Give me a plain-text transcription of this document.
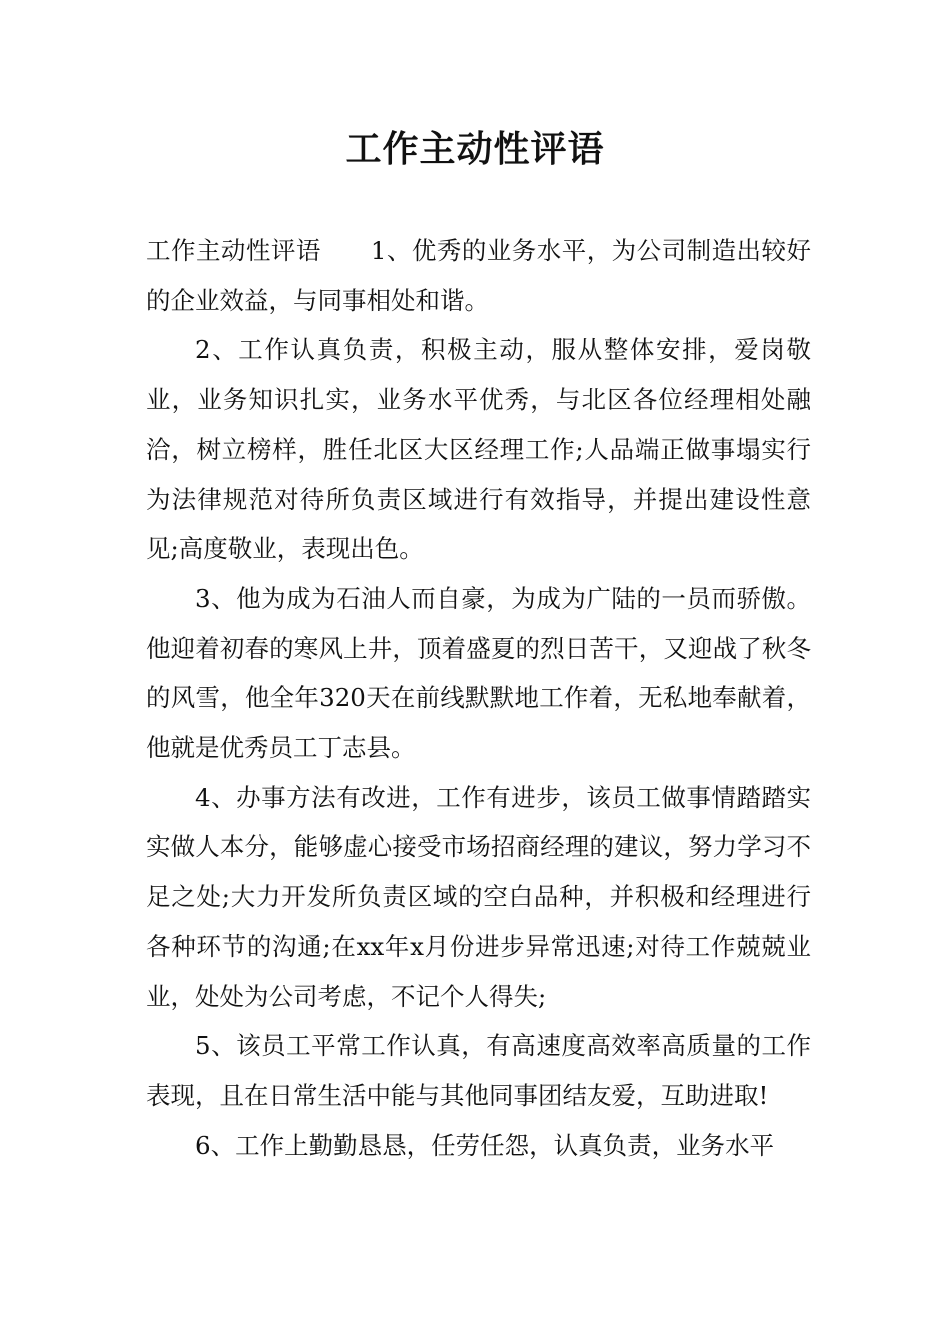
工作主动性评语

工作主动性评语 1、优秀的业务水平，为公司制造出较好的企业效益，与同事相处和谐。

2、工作认真负责，积极主动，服从整体安排，爱岗敬业，业务知识扎实，业务水平优秀，与北区各位经理相处融洽，树立榜样，胜任北区大区经理工作;人品端正做事塌实行为法律规范对待所负责区域进行有效指导，并提出建设性意见;高度敬业，表现出色。

3、他为成为石油人而自豪，为成为广陆的一员而骄傲。他迎着初春的寒风上井，顶着盛夏的烈日苦干，又迎战了秋冬的风雪，他全年320天在前线默默地工作着，无私地奉献着，他就是优秀员工丁志县。

4、办事方法有改进，工作有进步，该员工做事情踏踏实实做人本分，能够虚心接受市场招商经理的建议，努力学习不足之处;大力开发所负责区域的空白品种，并积极和经理进行各种环节的沟通;在xx年x月份进步异常迅速;对待工作兢兢业业，处处为公司考虑，不记个人得失;

5、该员工平常工作认真，有高速度高效率高质量的工作表现，且在日常生活中能与其他同事团结友爱，互助进取!

6、工作上勤勤恳恳，任劳任怨，认真负责，业务水平
